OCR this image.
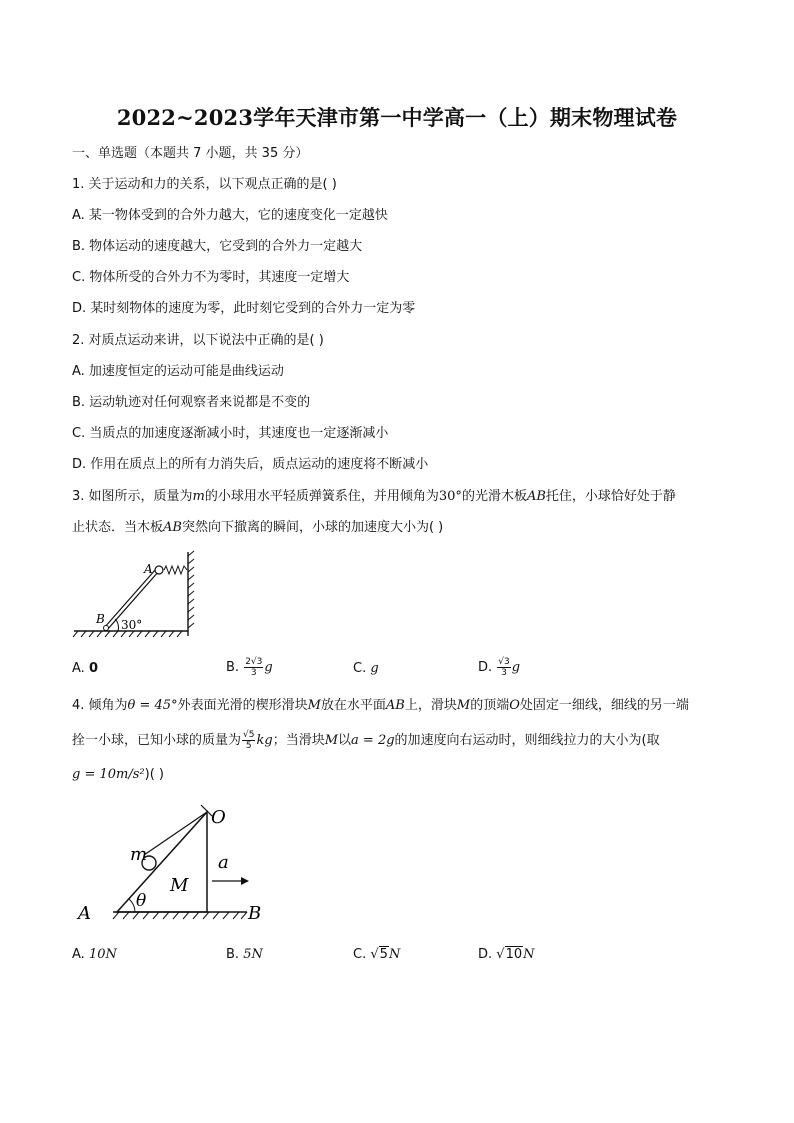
2022~2023学年天津市第一中学高一（上）期末物理试卷
一、单选题（本题共 7 小题，共 35 分）
1. 关于运动和力的关系，以下观点正确的是( )
A. 某一物体受到的合外力越大，它的速度变化一定越快
B. 物体运动的速度越大，它受到的合外力一定越大
C. 物体所受的合外力不为零时，其速度一定增大
D. 某时刻物体的速度为零，此时刻它受到的合外力一定为零
2. 对质点运动来讲，以下说法中正确的是( )
A. 加速度恒定的运动可能是曲线运动
B. 运动轨迹对任何观察者来说都是不变的
C. 当质点的加速度逐渐减小时，其速度也一定逐渐减小
D. 作用在质点上的所有力消失后，质点运动的速度将不断减小
3. 如图所示，质量为m的小球用水平轻质弹簧系住，并用倾角为30°的光滑木板AB托住，小球恰好处于静
止状态．当木板AB突然向下撤离的瞬间，小球的加速度大小为( )
A
B 30°
A. 0	B. $\frac{2√3}{3}$ g	C. g	D. $\frac{√3}{3}$ g
4. 倾角为θ = 45°外表面光滑的楔形滑块M放在水平面AB上，滑块M的顶端O处固定一细线，细线的另一端
拴一小球，已知小球的质量为 $\frac{√5}{5}$ kg；当滑块M以a = 2g的加速度向右运动时，则细线拉力的大小为(取
g = 10m/s²)( )
O
m	a
M
θ
A	B
A. 10N	B. 5N	C. √5N	D. √10N
